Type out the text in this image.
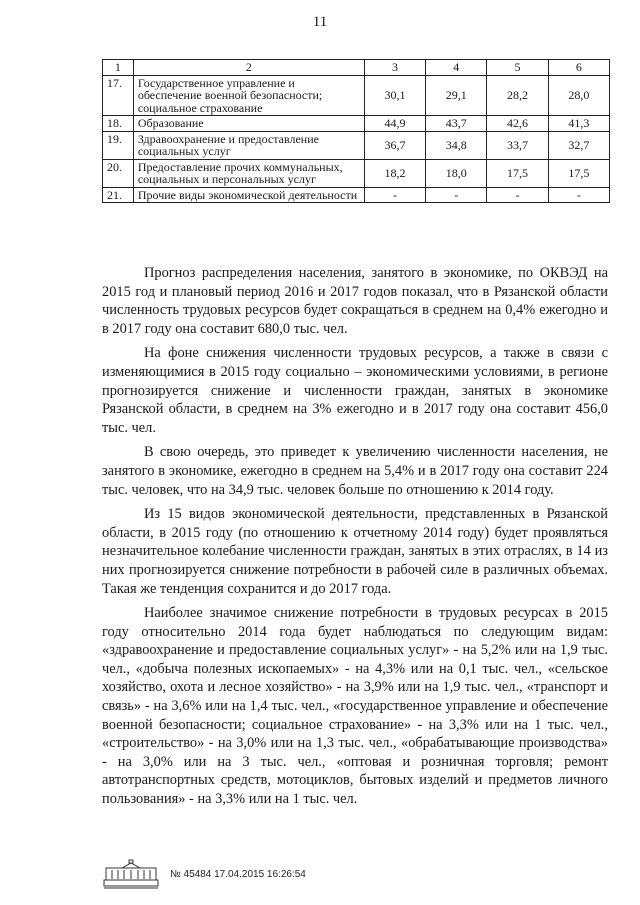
11
1	2	3	4	5	6
17.	Государственное управление и обеспечение военной безопасности; социальное страхование	30,1	29,1	28,2	28,0
18.	Образование	44,9	43,7	42,6	41,3
19.	Здравоохранение и предоставление социальных услуг	36,7	34,8	33,7	32,7
20.	Предоставление прочих коммунальных, социальных и персональных услуг	18,2	18,0	17,5	17,5
21.	Прочие виды экономической деятельности	-	-	-	-

Прогноз распределения населения, занятого в экономике, по ОКВЭД на 2015 год и плановый период 2016 и 2017 годов показал, что в Рязанской области численность трудовых ресурсов будет сокращаться в среднем на 0,4% ежегодно и в 2017 году она составит 680,0 тыс. чел.

На фоне снижения численности трудовых ресурсов, а также в связи с изменяющимися в 2015 году социально – экономическими условиями, в регионе прогнозируется снижение и численности граждан, занятых в экономике Рязанской области, в среднем на 3% ежегодно и в 2017 году она составит 456,0 тыс. чел.

В свою очередь, это приведет к увеличению численности населения, не занятого в экономике, ежегодно в среднем на 5,4% и в 2017 году она составит 224 тыс. человек, что на 34,9 тыс. человек больше по отношению к 2014 году.

Из 15 видов экономической деятельности, представленных в Рязанской области, в 2015 году (по отношению к отчетному 2014 году) будет проявляться незначительное колебание численности граждан, занятых в этих отраслях, в 14 из них прогнозируется снижение потребности в рабочей силе в различных объемах. Такая же тенденция сохранится и до 2017 года.

Наиболее значимое снижение потребности в трудовых ресурсах в 2015 году относительно 2014 года будет наблюдаться по следующим видам: «здравоохранение и предоставление социальных услуг» - на 5,2% или на 1,9 тыс. чел., «добыча полезных ископаемых» - на 4,3% или на 0,1 тыс. чел., «сельское хозяйство, охота и лесное хозяйство» - на 3,9% или на 1,9 тыс. чел., «транспорт и связь» - на 3,6% или на 1,4 тыс. чел., «государственное управление и обеспечение военной безопасности; социальное страхование» - на 3,3% или на 1 тыс. чел., «строительство» - на 3,0% или на 1,3 тыс. чел., «обрабатывающие производства» - на 3,0% или на 3 тыс. чел., «оптовая и розничная торговля; ремонт автотранспортных средств, мотоциклов, бытовых изделий и предметов личного пользования» - на 3,3% или на 1 тыс. чел.

№ 45484 17.04.2015 16:26:54
